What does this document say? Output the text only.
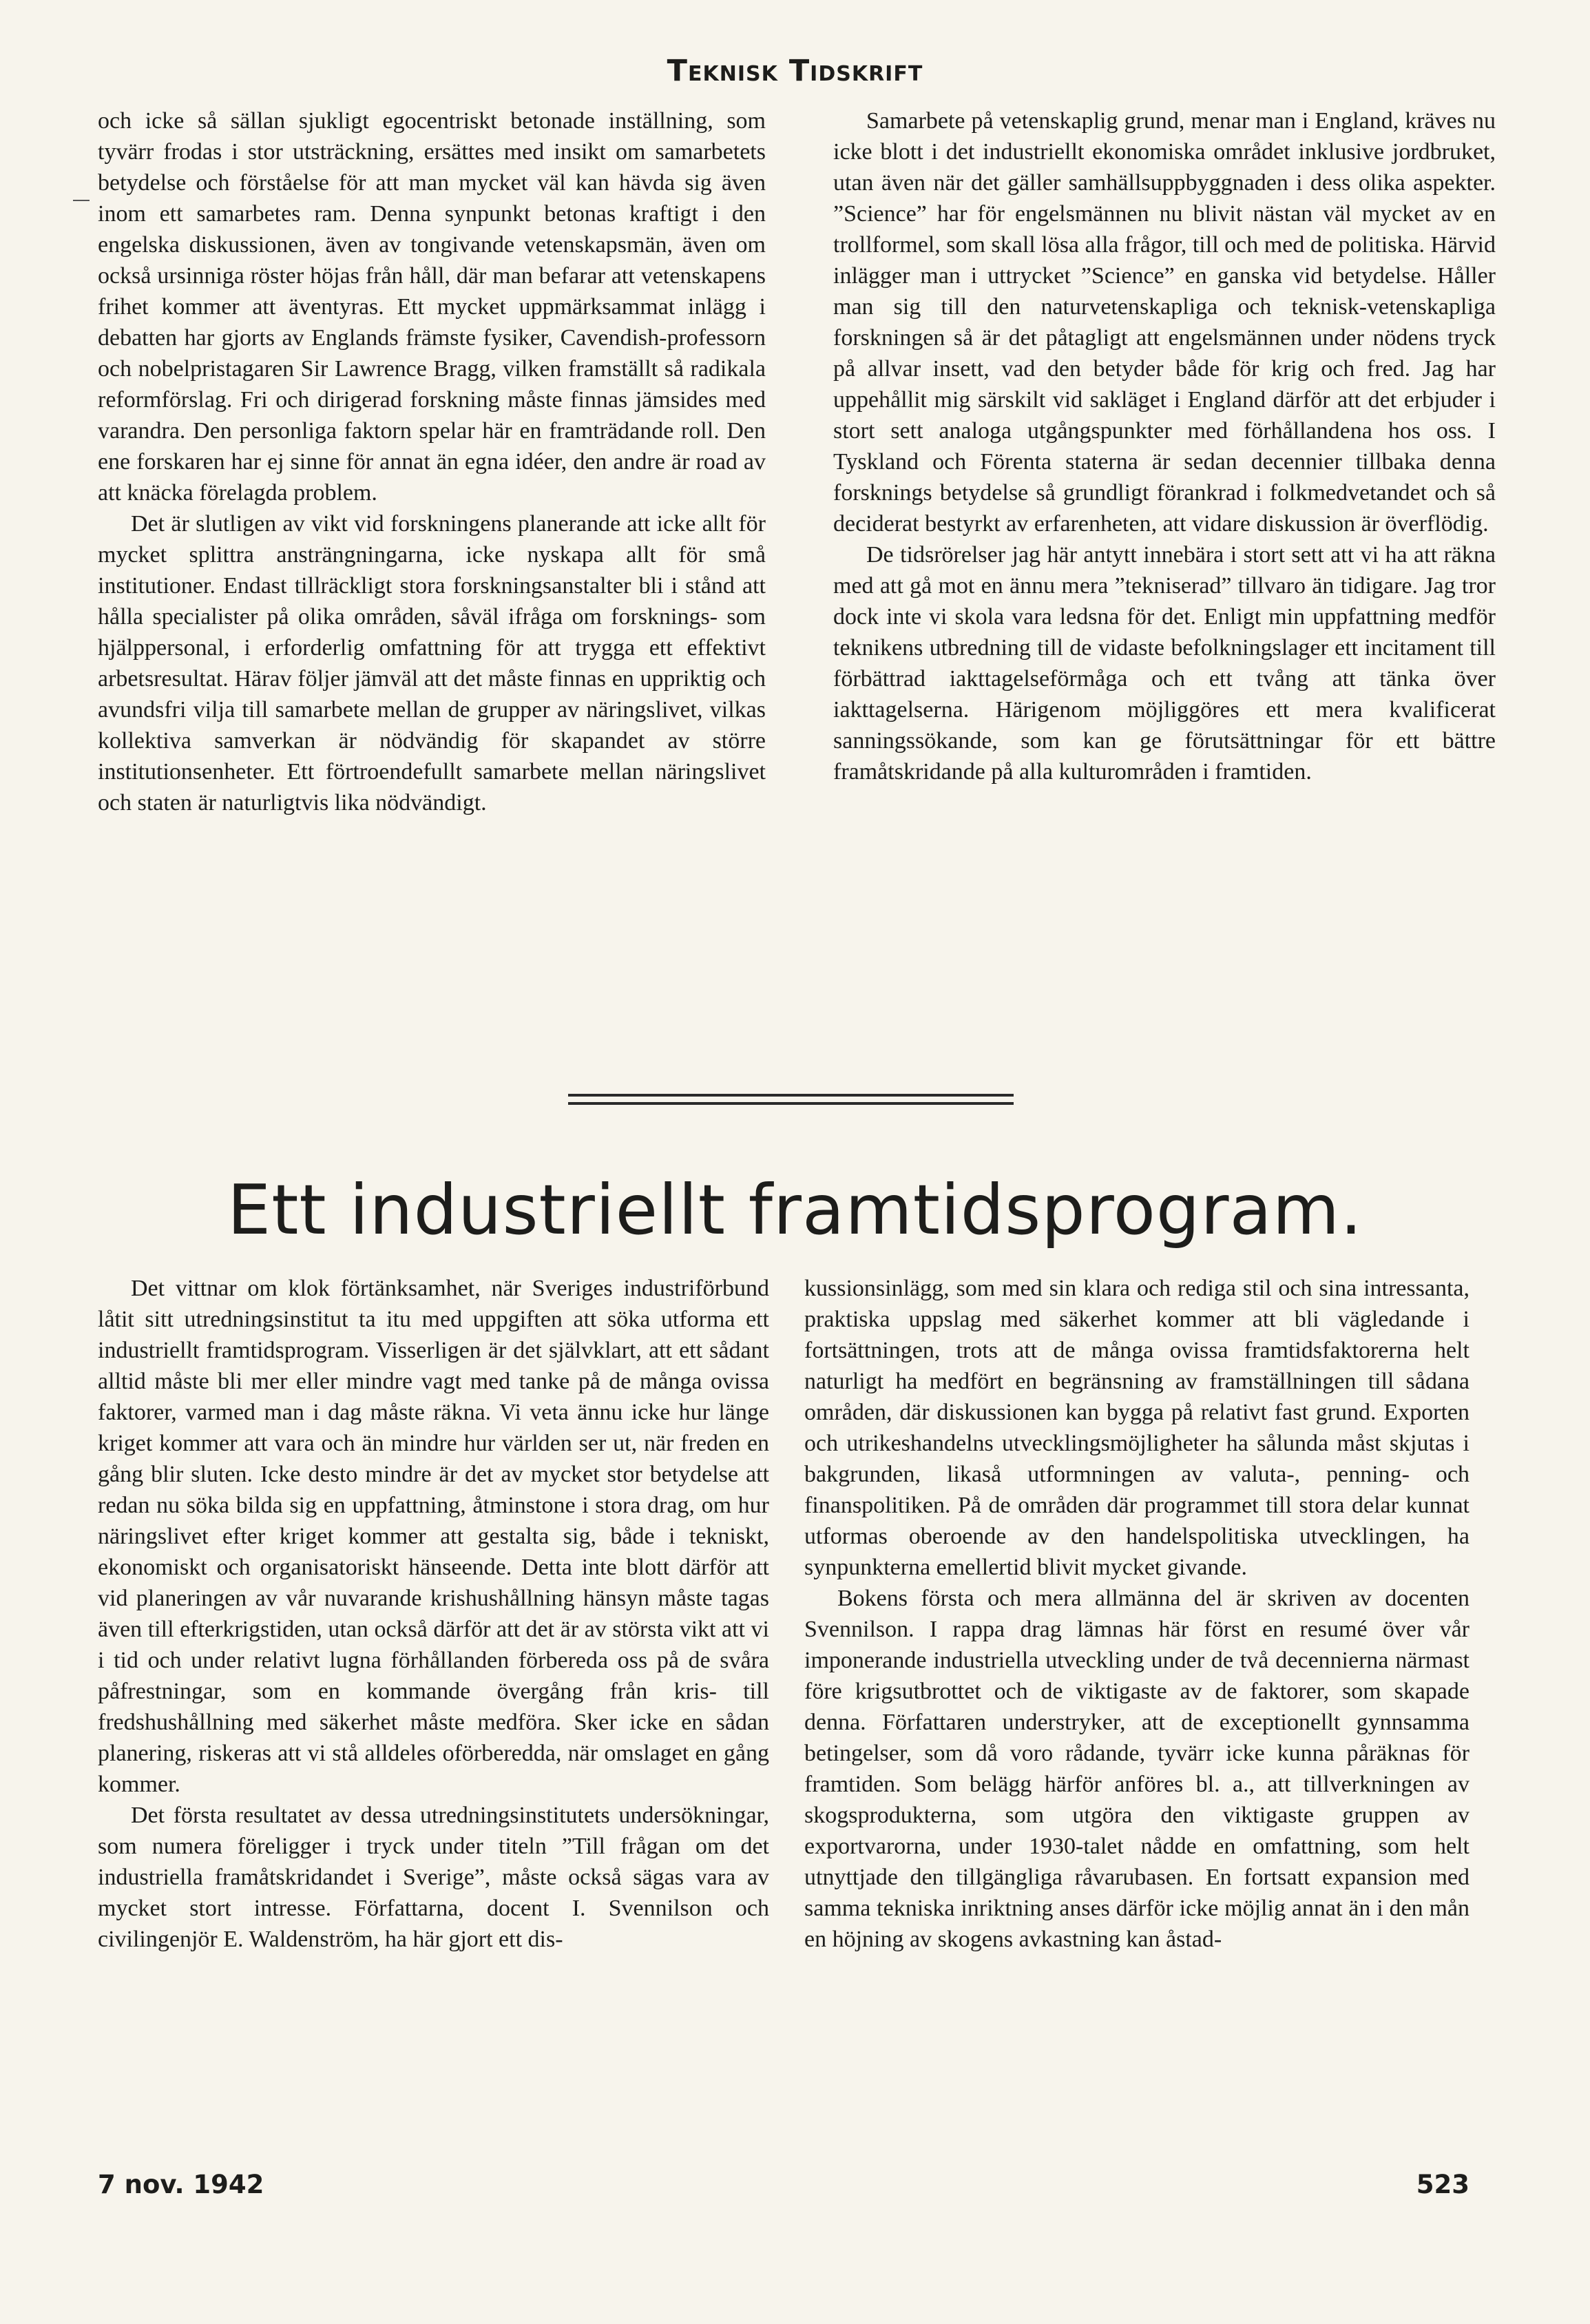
Teknisk Tidskrift

och icke så sällan sjukligt egocentriskt betonade inställning, som tyvärr frodas i stor utsträckning, ersättes med insikt om samarbetets betydelse och förståelse för att man mycket väl kan hävda sig även inom ett samarbetes ram. Denna synpunkt betonas kraftigt i den engelska diskussionen, även av tongivande vetenskapsmän, även om också ursinniga röster höjas från håll, där man befarar att vetenskapens frihet kommer att äventyras. Ett mycket uppmärksammat inlägg i debatten har gjorts av Englands främste fysiker, Cavendish-professorn och nobelpristagaren Sir Lawrence Bragg, vilken framställt så radikala reformförslag. Fri och dirigerad forskning måste finnas jämsides med varandra. Den personliga faktorn spelar här en framträdande roll. Den ene forskaren har ej sinne för annat än egna idéer, den andre är road av att knäcka förelagda problem.

Det är slutligen av vikt vid forskningens planerande att icke allt för mycket splittra ansträngningarna, icke nyskapa allt för små institutioner. Endast tillräckligt stora forskningsanstalter bli i stånd att hålla specialister på olika områden, såväl ifråga om forsknings- som hjälppersonal, i erforderlig omfattning för att trygga ett effektivt arbetsresultat. Härav följer jämväl att det måste finnas en uppriktig och avundsfri vilja till samarbete mellan de grupper av näringslivet, vilkas kollektiva samverkan är nödvändig för skapandet av större institutionsenheter. Ett förtroendefullt samarbete mellan näringslivet och staten är naturligtvis lika nödvändigt.

Samarbete på vetenskaplig grund, menar man i England, kräves nu icke blott i det industriellt ekonomiska området inklusive jordbruket, utan även när det gäller samhällsuppbyggnaden i dess olika aspekter. ”Science” har för engelsmännen nu blivit nästan väl mycket av en trollformel, som skall lösa alla frågor, till och med de politiska. Härvid inlägger man i uttrycket ”Science” en ganska vid betydelse. Håller man sig till den naturvetenskapliga och teknisk-vetenskapliga forskningen så är det påtagligt att engelsmännen under nödens tryck på allvar insett, vad den betyder både för krig och fred. Jag har uppehållit mig särskilt vid sakläget i England därför att det erbjuder i stort sett analoga utgångspunkter med förhållandena hos oss. I Tyskland och Förenta staterna är sedan decennier tillbaka denna forsknings betydelse så grundligt förankrad i folkmedvetandet och så deciderat bestyrkt av erfarenheten, att vidare diskussion är överflödig.

De tidsrörelser jag här antytt innebära i stort sett att vi ha att räkna med att gå mot en ännu mera ”tekniserad” tillvaro än tidigare. Jag tror dock inte vi skola vara ledsna för det. Enligt min uppfattning medför teknikens utbredning till de vidaste befolkningslager ett incitament till förbättrad iakttagelseförmåga och ett tvång att tänka över iakttagelserna. Härigenom möjliggöres ett mera kvalificerat sanningssökande, som kan ge förutsättningar för ett bättre framåtskridande på alla kulturområden i framtiden.

Ett industriellt framtidsprogram.

Det vittnar om klok förtänksamhet, när Sveriges industriförbund låtit sitt utredningsinstitut ta itu med uppgiften att söka utforma ett industriellt framtidsprogram. Visserligen är det självklart, att ett sådant alltid måste bli mer eller mindre vagt med tanke på de många ovissa faktorer, varmed man i dag måste räkna. Vi veta ännu icke hur länge kriget kommer att vara och än mindre hur världen ser ut, när freden en gång blir sluten. Icke desto mindre är det av mycket stor betydelse att redan nu söka bilda sig en uppfattning, åtminstone i stora drag, om hur näringslivet efter kriget kommer att gestalta sig, både i tekniskt, ekonomiskt och organisatoriskt hänseende. Detta inte blott därför att vid planeringen av vår nuvarande krishushållning hänsyn måste tagas även till efterkrigstiden, utan också därför att det är av största vikt att vi i tid och under relativt lugna förhållanden förbereda oss på de svåra påfrestningar, som en kommande övergång från kris- till fredshushållning med säkerhet måste medföra. Sker icke en sådan planering, riskeras att vi stå alldeles oförberedda, när omslaget en gång kommer.

Det första resultatet av dessa utredningsinstitutets undersökningar, som numera föreligger i tryck under titeln ”Till frågan om det industriella framåtskridandet i Sverige”, måste också sägas vara av mycket stort intresse. Författarna, docent I. Svennilson och civilingenjör E. Waldenström, ha här gjort ett dis-

kussionsinlägg, som med sin klara och rediga stil och sina intressanta, praktiska uppslag med säkerhet kommer att bli vägledande i fortsättningen, trots att de många ovissa framtidsfaktorerna helt naturligt ha medfört en begränsning av framställningen till sådana områden, där diskussionen kan bygga på relativt fast grund. Exporten och utrikeshandelns utvecklingsmöjligheter ha sålunda måst skjutas i bakgrunden, likaså utformningen av valuta-, penning- och finanspolitiken. På de områden där programmet till stora delar kunnat utformas oberoende av den handelspolitiska utvecklingen, ha synpunkterna emellertid blivit mycket givande.

Bokens första och mera allmänna del är skriven av docenten Svennilson. I rappa drag lämnas här först en resumé över vår imponerande industriella utveckling under de två decennierna närmast före krigsutbrottet och de viktigaste av de faktorer, som skapade denna. Författaren understryker, att de exceptionellt gynnsamma betingelser, som då voro rådande, tyvärr icke kunna påräknas för framtiden. Som belägg härför anföres bl. a., att tillverkningen av skogsprodukterna, som utgöra den viktigaste gruppen av exportvarorna, under 1930-talet nådde en omfattning, som helt utnyttjade den tillgängliga råvarubasen. En fortsatt expansion med samma tekniska inriktning anses därför icke möjlig annat än i den mån en höjning av skogens avkastning kan åstad-

7 nov. 1942	523
